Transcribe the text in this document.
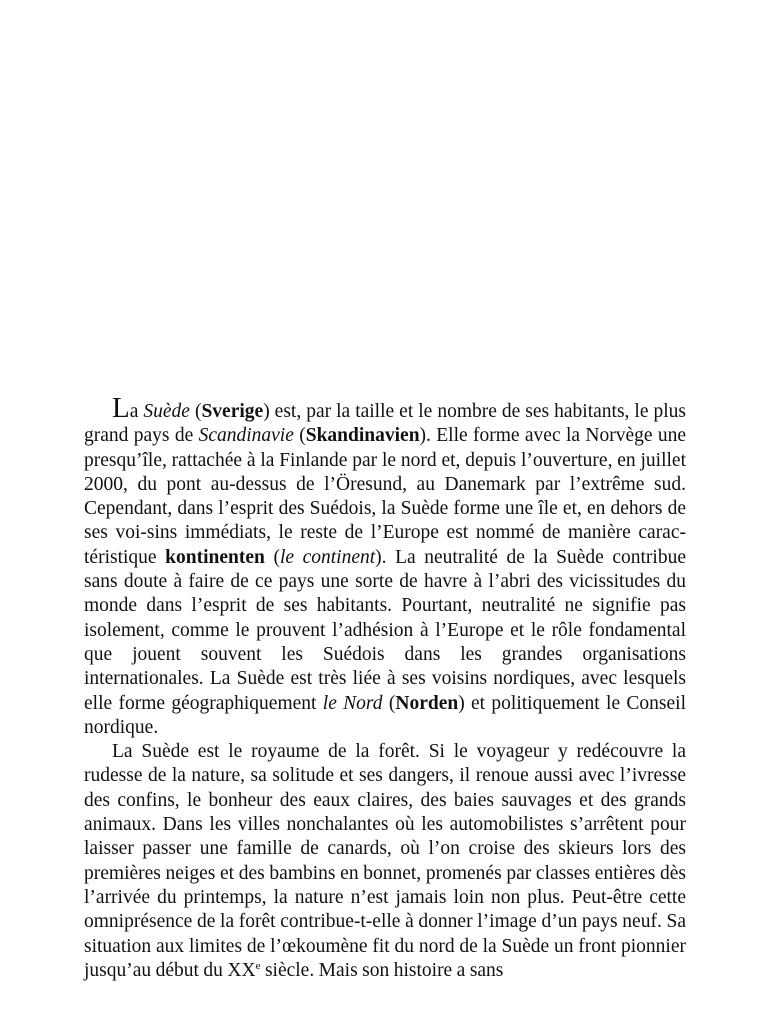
La Suède (Sverige) est, par la taille et le nombre de ses habitants, le plus grand pays de Scandinavie (Skandinavien). Elle forme avec la Norvège une presqu’île, rattachée à la Finlande par le nord et, depuis l’ouverture, en juillet 2000, du pont au-dessus de l’Öresund, au Danemark par l’extrême sud. Cependant, dans l’esprit des Suédois, la Suède forme une île et, en dehors de ses voi-sins immédiats, le reste de l’Europe est nommé de manière carac-téristique kontinenten (le continent). La neutralité de la Suède contribue sans doute à faire de ce pays une sorte de havre à l’abri des vicissitudes du monde dans l’esprit de ses habitants. Pourtant, neutralité ne signifie pas isolement, comme le prouvent l’adhésion à l’Europe et le rôle fondamental que jouent souvent les Suédois dans les grandes organisations internationales. La Suède est très liée à ses voisins nordiques, avec lesquels elle forme géographiquement le Nord (Norden) et politiquement le Conseil nordique.

La Suède est le royaume de la forêt. Si le voyageur y redécouvre la rudesse de la nature, sa solitude et ses dangers, il renoue aussi avec l’ivresse des confins, le bonheur des eaux claires, des baies sauvages et des grands animaux. Dans les villes nonchalantes où les automobilistes s’arrêtent pour laisser passer une famille de canards, où l’on croise des skieurs lors des premières neiges et des bambins en bonnet, promenés par classes entières dès l’arrivée du printemps, la nature n’est jamais loin non plus. Peut-être cette omniprésence de la forêt contribue-t-elle à donner l’image d’un pays neuf. Sa situation aux limites de l’œkoumène fit du nord de la Suède un front pionnier jusqu’au début du XXe siècle. Mais son histoire a sans
